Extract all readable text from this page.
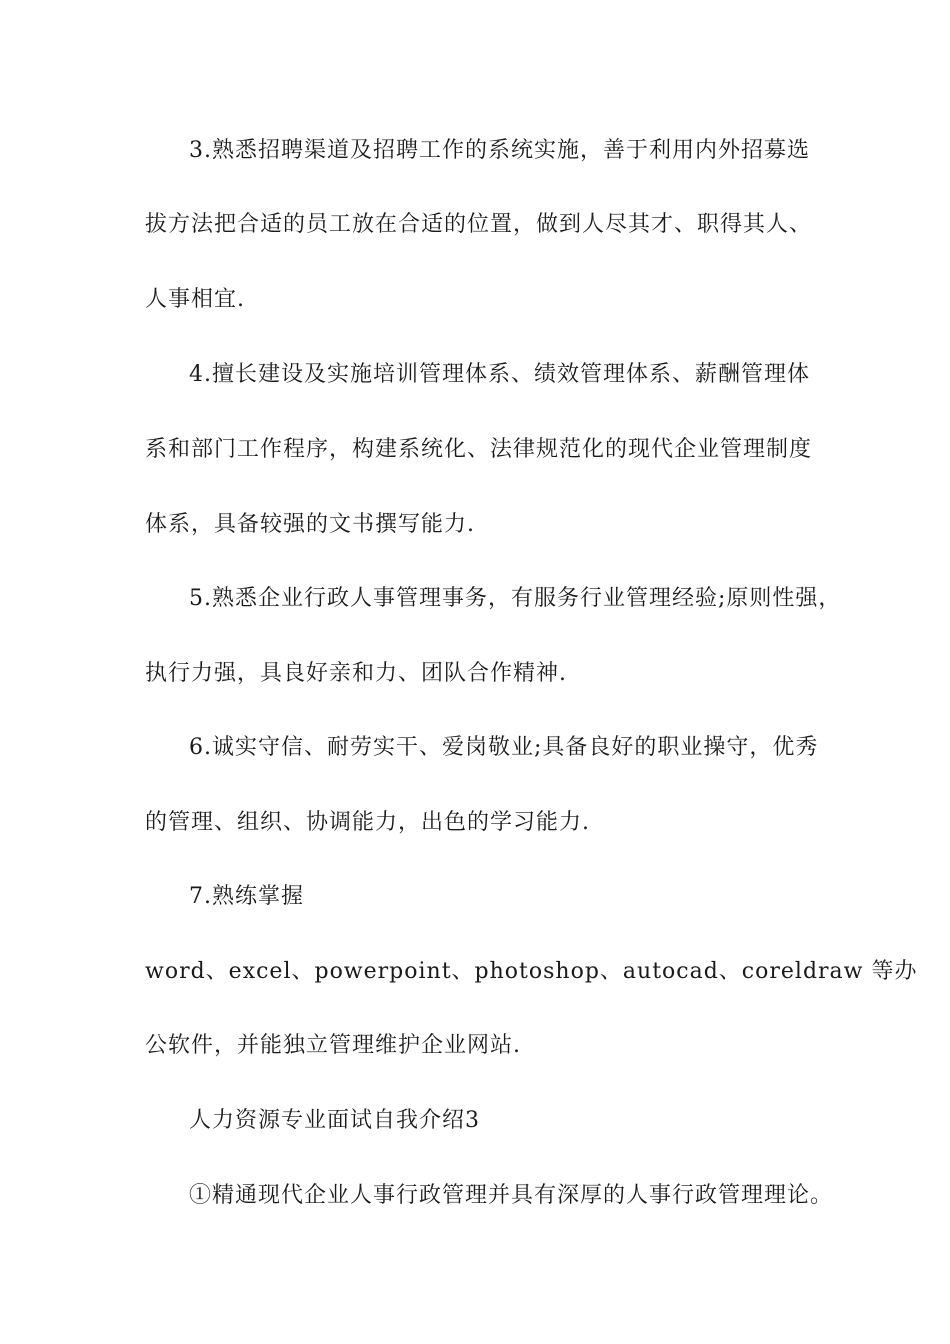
3.熟悉招聘渠道及招聘工作的系统实施，善于利用内外招募选
拔方法把合适的员工放在合适的位置，做到人尽其才、职得其人、
人事相宜.
4.擅长建设及实施培训管理体系、绩效管理体系、薪酬管理体
系和部门工作程序，构建系统化、法律规范化的现代企业管理制度
体系，具备较强的文书撰写能力.
5.熟悉企业行政人事管理事务，有服务行业管理经验;原则性强，
执行力强，具良好亲和力、团队合作精神.
6.诚实守信、耐劳实干、爱岗敬业;具备良好的职业操守，优秀
的管理、组织、协调能力，出色的学习能力.
7.熟练掌握
word、excel、powerpoint、photoshop、autocad、coreldraw 等办
公软件，并能独立管理维护企业网站.
人力资源专业面试自我介绍3
①精通现代企业人事行政管理并具有深厚的人事行政管理理论。
